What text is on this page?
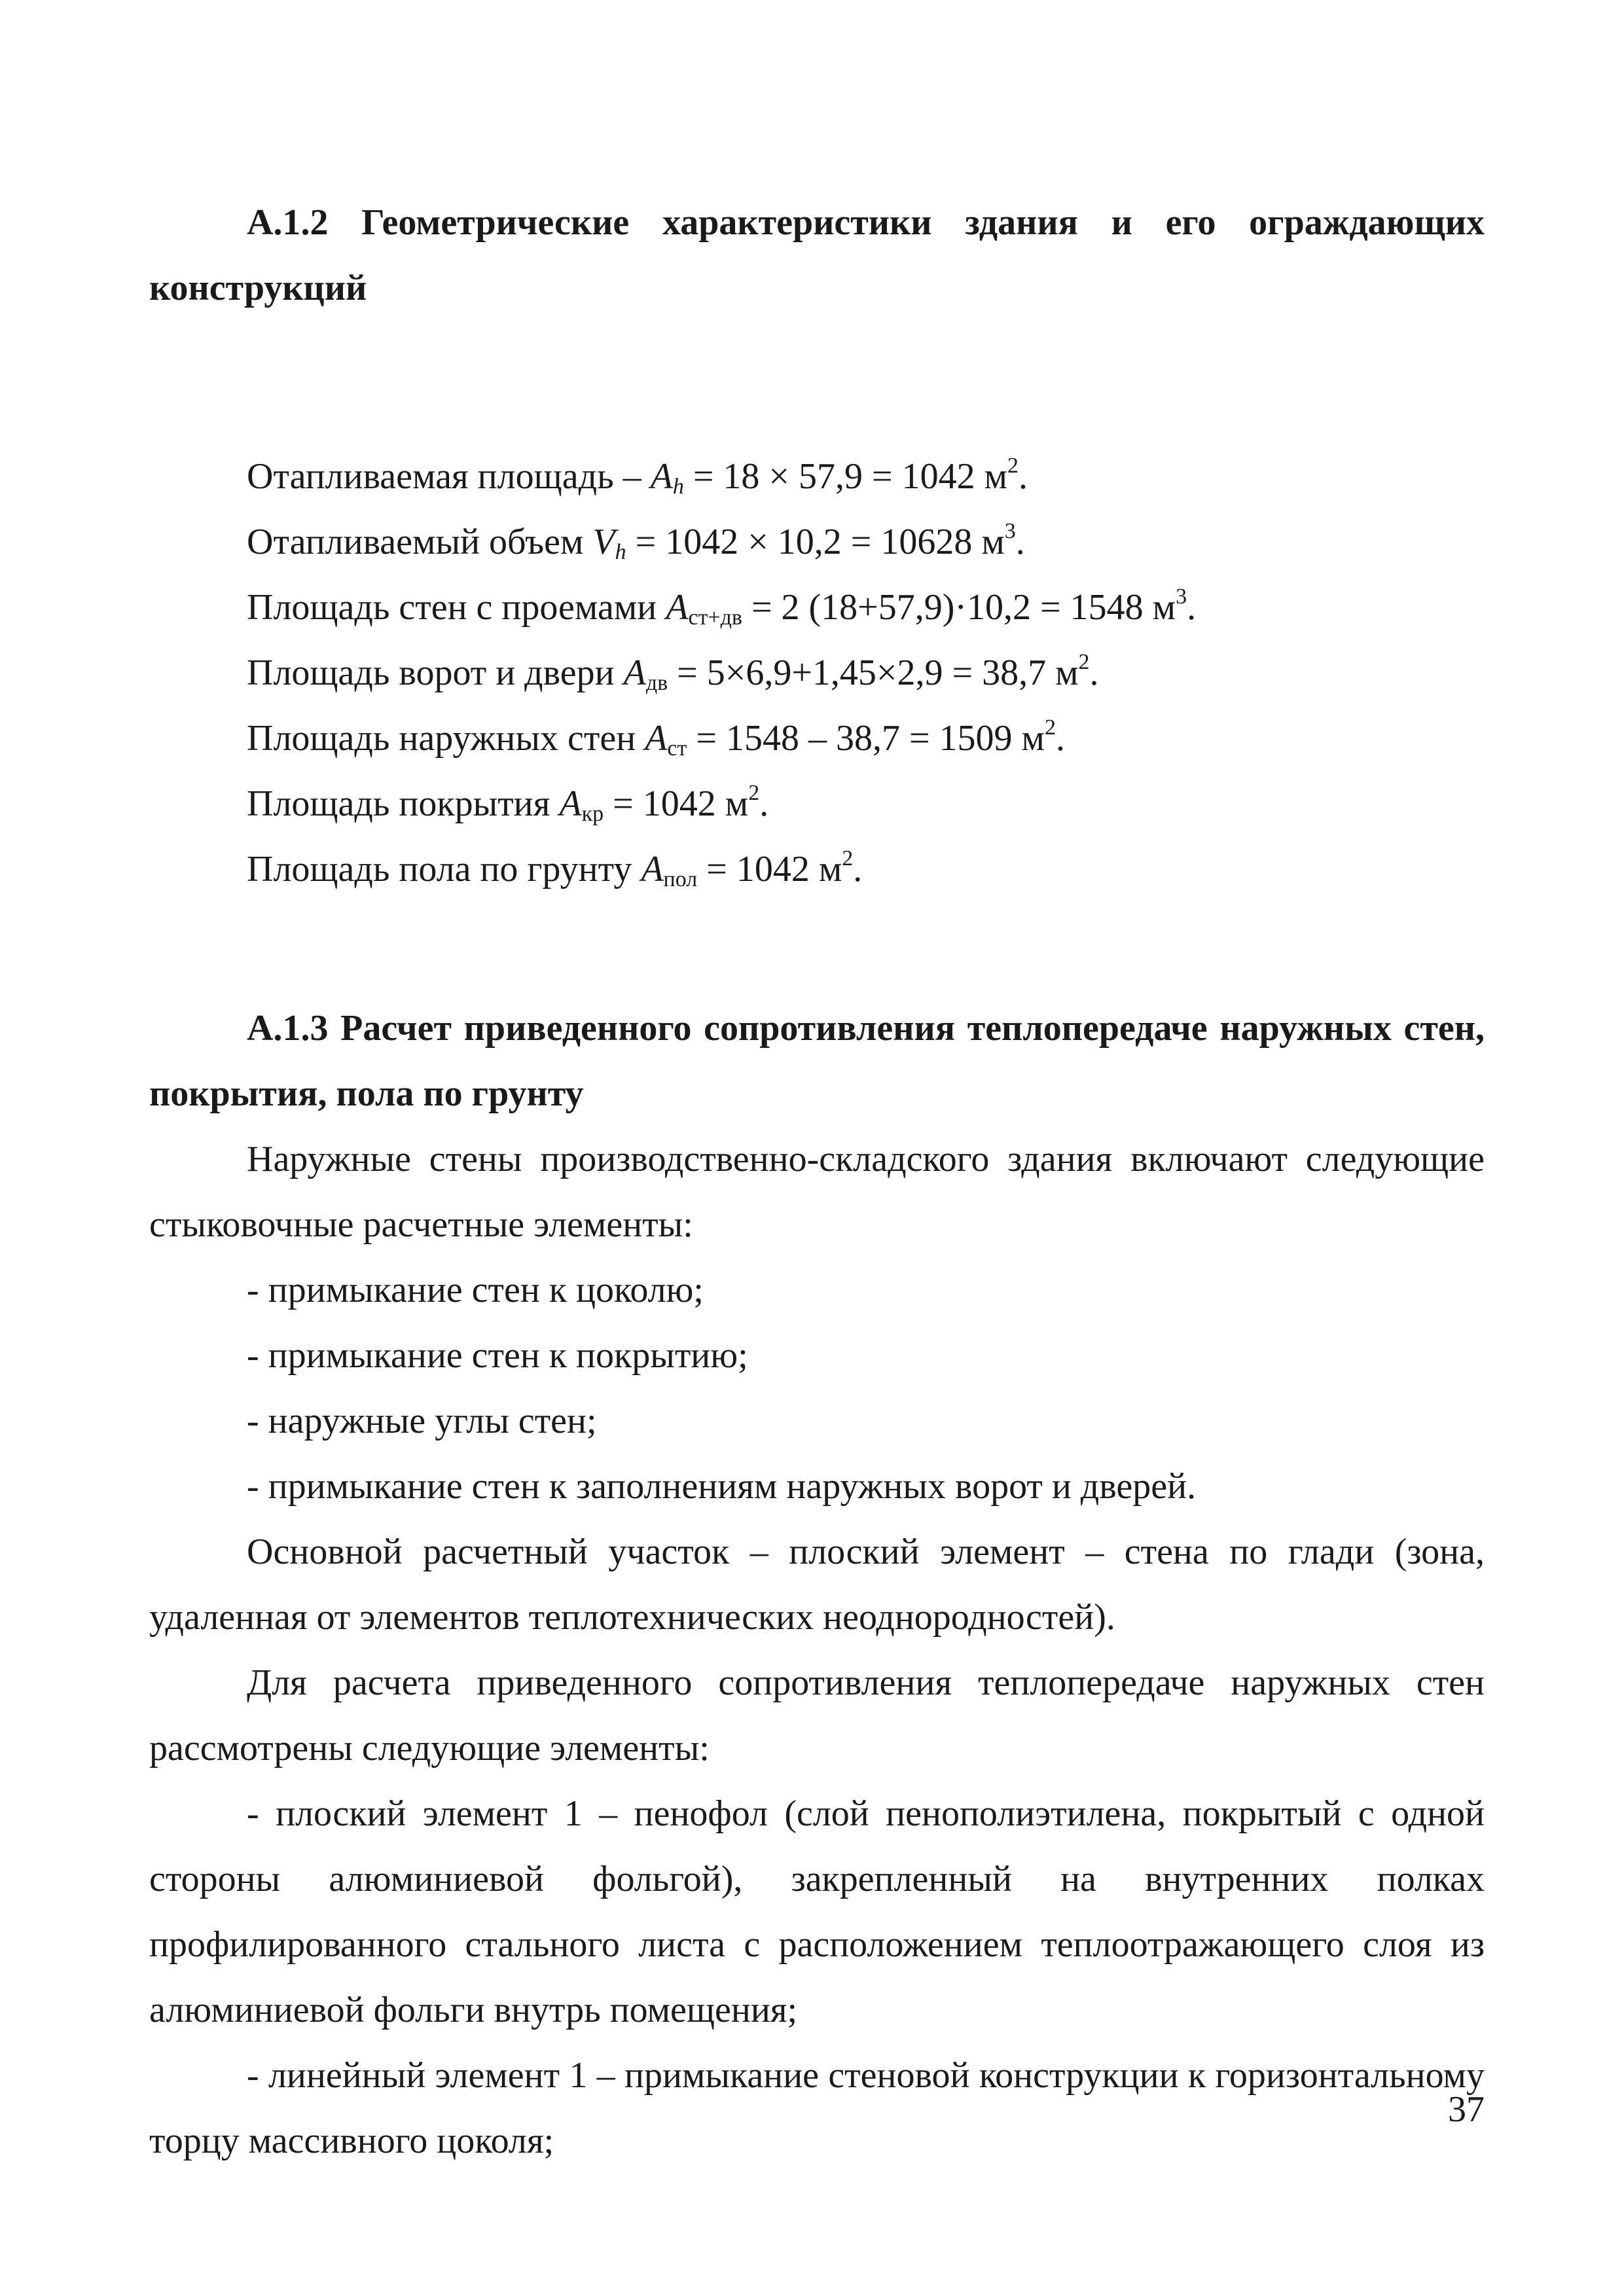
А.1.2 Геометрические характеристики здания и его ограждающих конструкций

Отапливаемая площадь – $A_h = 18 \times 57,9 = 1042$ $м^2$.
Отапливаемый объем $V_h = 1042 \times 10,2 = 10628$ $м^3$.
Площадь стен с проемами $A_{ст+дв} = 2$ (18+57,9)·10,2 = 1548 $м^3$.
Площадь ворот и двери $A_{дв} = 5\times 6,9+1,45\times 2,9 = 38,7$ $м^2$.
Площадь наружных стен $A_{ст} = 1548 - 38,7 = 1509$ $м^2$.
Площадь покрытия $A_{кр} = 1042$ $м^2$.
Площадь пола по грунту $A_{пол} = 1042$ $м^2$.

А.1.3 Расчет приведенного сопротивления теплопередаче наружных стен, покрытия, пола по грунту

Наружные стены производственно-складского здания включают следующие стыковочные расчетные элементы:

- примыкание стен к цоколю;

- примыкание стен к покрытию;

- наружные углы стен;

- примыкание стен к заполнениям наружных ворот и дверей.

Основной расчетный участок – плоский элемент – стена по глади (зона, удаленная от элементов теплотехнических неоднородностей).

Для расчета приведенного сопротивления теплопередаче наружных стен рассмотрены следующие элементы:

- плоский элемент 1 – пенофол (слой пенополиэтилена, покрытый с одной стороны алюминиевой фольгой), закрепленный на внутренних полках профилированного стального листа с расположением теплоотражающего слоя из алюминиевой фольги внутрь помещения;

- линейный элемент 1 – примыкание стеновой конструкции к горизонтальному торцу массивного цоколя;

37
